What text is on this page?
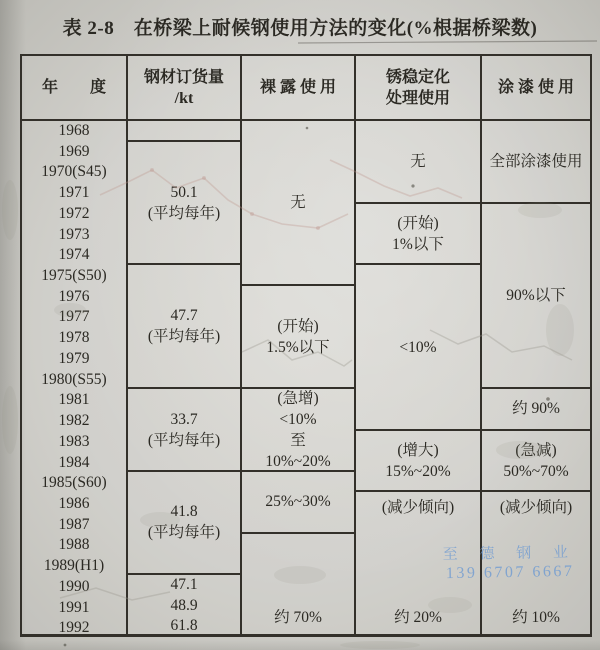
表 2-8　在桥梁上耐候钢使用方法的变化(%根据桥梁数)
年　　度
钢材订货量
/kt
裸 露 使 用
锈稳定化
处理使用
涂 漆 使 用
1968
1969
1970(S45)
1971
1972
1973
1974
1975(S50)
1976
1977
1978
1979
1980(S55)
1981
1982
1983
1984
1985(S60)
1986
1987
1988
1989(H1)
1990
1991
1992
50.1
(平均每年)
47.7
(平均每年)
33.7
(平均每年)
41.8
(平均每年)
47.1
48.9
61.8
无
(开始)
1.5%以下
(急增)
<10%
至
10%~20%
25%~30%
约 70%
无
(开始)
1%以下
<10%
(增大)
15%~20%
(减少倾向)
约 20%
全部涂漆使用
90%以下
约 90%
(急减)
50%~70%
(减少倾向)
约 10%
至 德 钢 业
139 6707 6667
